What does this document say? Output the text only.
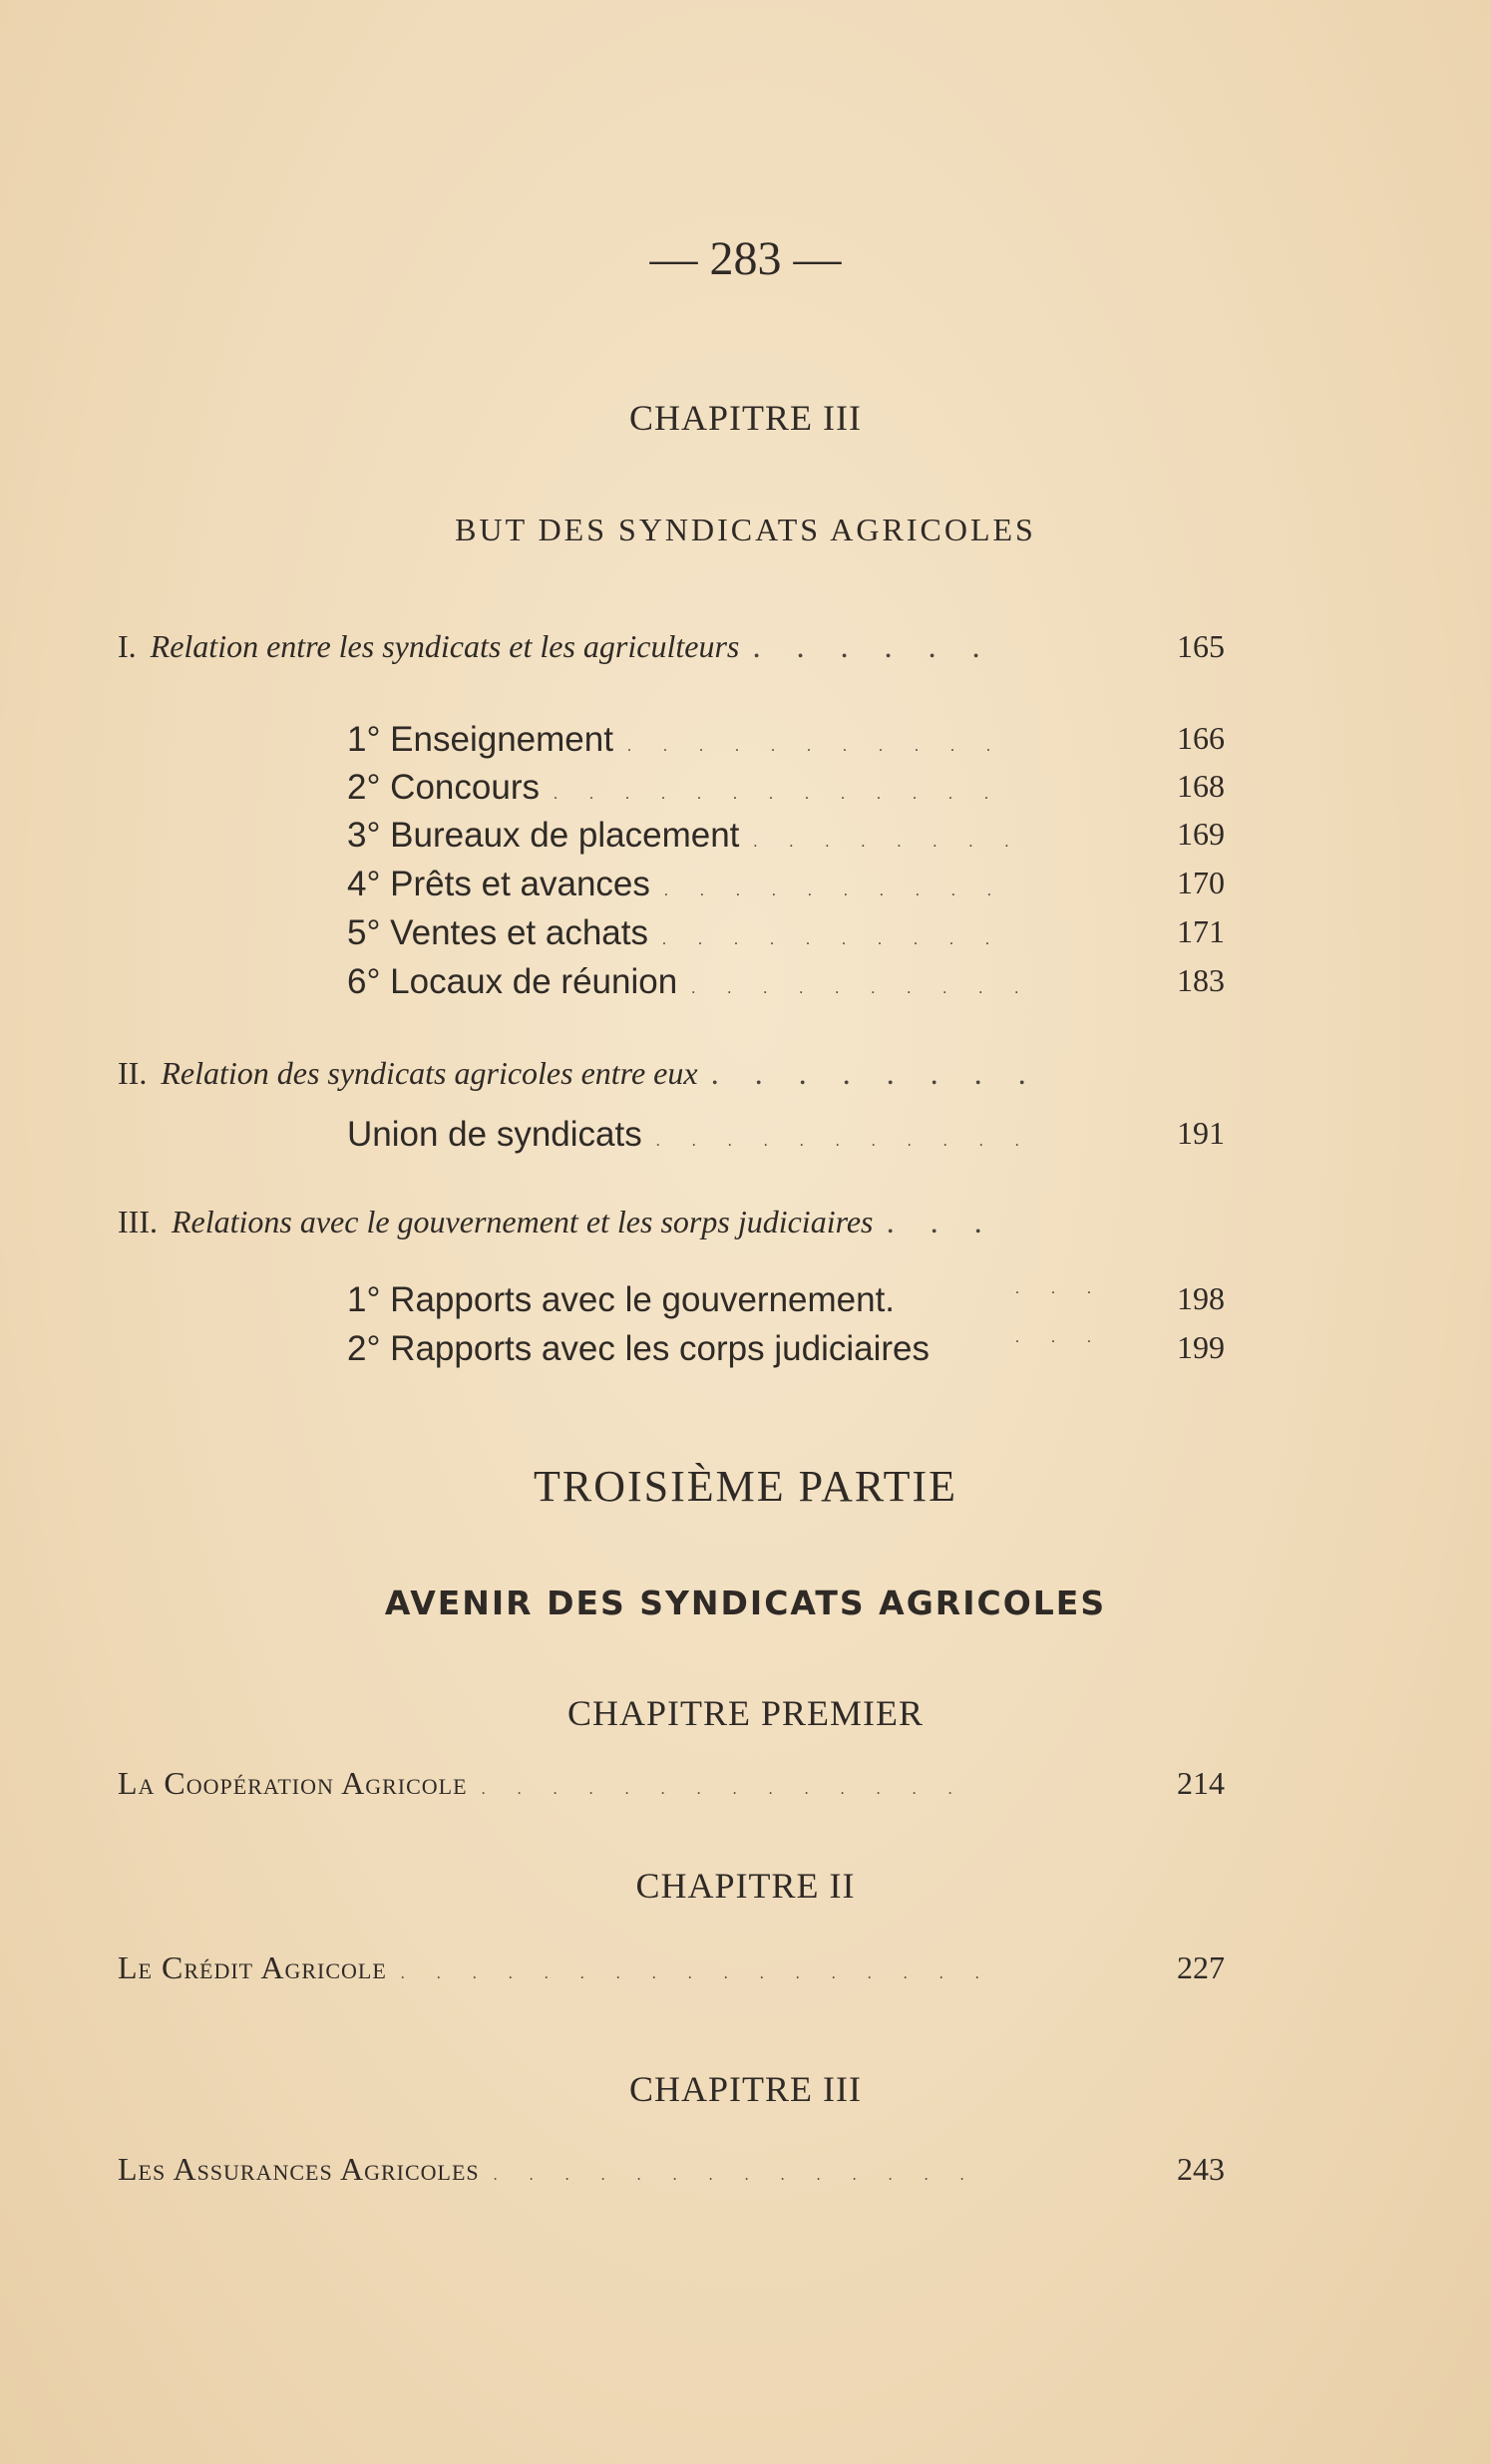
— 283 —
CHAPITRE III
BUT DES SYNDICATS AGRICOLES
I. Relation entre les syndicats et les agriculteurs . . . . . .	165
1° Enseignement . . . . . . . . . . .	166
2° Concours . . . . . . . . . . . . .	168
3° Bureaux de placement . . . . . . . .	169
4° Prêts et avances . . . . . . . . . .	170
5° Ventes et achats . . . . . . . . . .	171
6° Locaux de réunion . . . . . . . . . .	183
II. Relation des syndicats agricoles entre eux . . . . . . . .
Union de syndicats . . . . . . . . . . .	191
III. Relations avec le gouvernement et les sorps judiciaires . . .
1° Rapports avec le gouvernement.	. . . 198
2° Rapports avec les corps judiciaires	. . . 199
TROISIÈME PARTIE
AVENIR DES SYNDICATS AGRICOLES
CHAPITRE PREMIER
La Coopération Agricole . . . . . . . . . . . . . .	214
CHAPITRE II
Le Crédit Agricole . . . . . . . . . . . . . . . . .	227
CHAPITRE III
Les Assurances Agricoles . . . . . . . . . . . . . .	243
